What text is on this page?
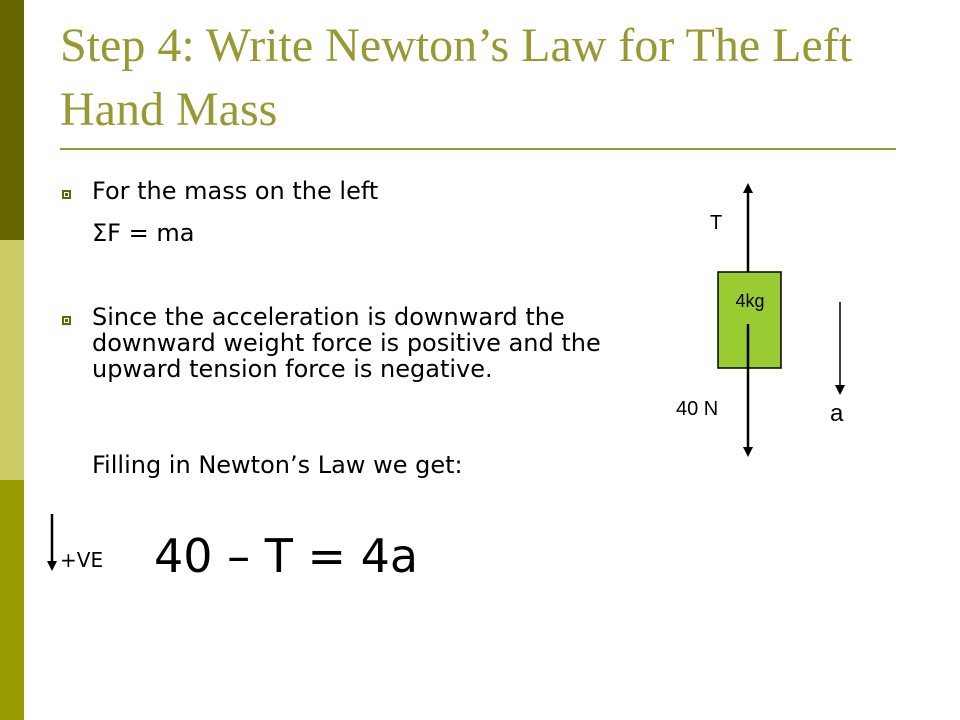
Step 4: Write Newton’s Law for The Left Hand Mass
For the mass on the left
ΣF = ma
Since the acceleration is downward the downward weight force is positive and the upward tension force is negative.
Filling in Newton’s Law we get:
4kg
T
40 N	a
+VE 40 – T = 4a
